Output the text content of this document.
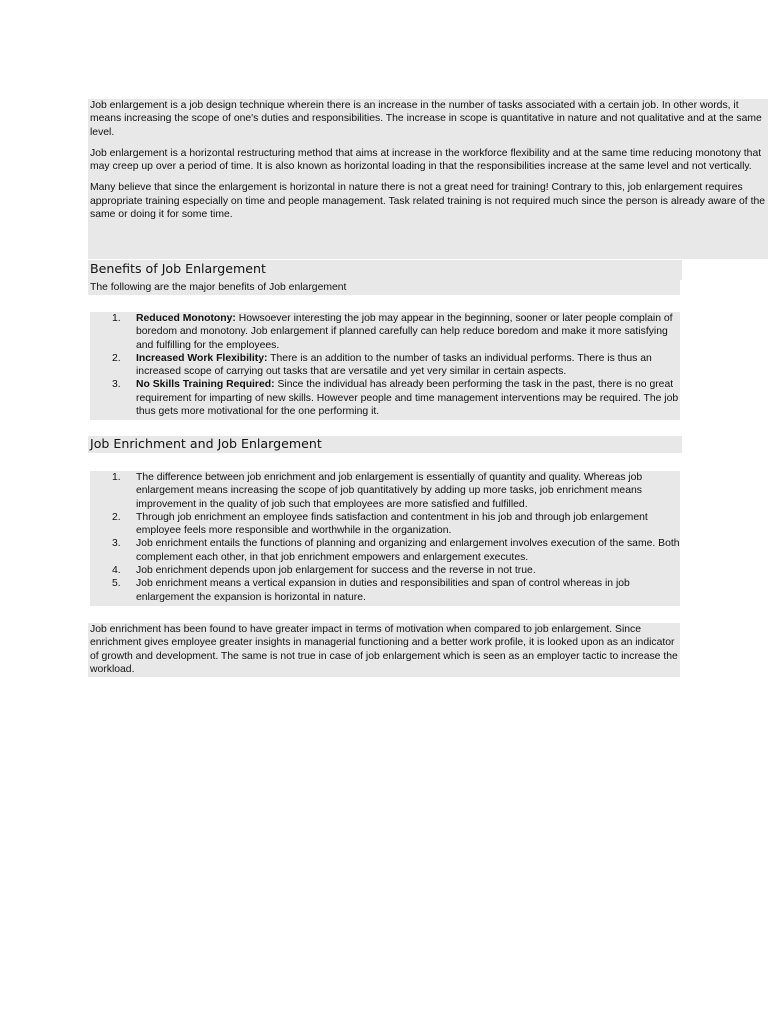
Job enlargement is a job design technique wherein there is an increase in the number of tasks associated with a certain job. In other words, it means increasing the scope of one's duties and responsibilities. The increase in scope is quantitative in nature and not qualitative and at the same level.

Job enlargement is a horizontal restructuring method that aims at increase in the workforce flexibility and at the same time reducing monotony that may creep up over a period of time. It is also known as horizontal loading in that the responsibilities increase at the same level and not vertically.

Many believe that since the enlargement is horizontal in nature there is not a great need for training! Contrary to this, job enlargement requires appropriate training especially on time and people management. Task related training is not required much since the person is already aware of the same or doing it for some time.

Benefits of Job Enlargement

The following are the major benefits of Job enlargement

1. Reduced Monotony: Howsoever interesting the job may appear in the beginning, sooner or later people complain of boredom and monotony. Job enlargement if planned carefully can help reduce boredom and make it more satisfying and fulfilling for the employees.
2. Increased Work Flexibility: There is an addition to the number of tasks an individual performs. There is thus an increased scope of carrying out tasks that are versatile and yet very similar in certain aspects.
3. No Skills Training Required: Since the individual has already been performing the task in the past, there is no great requirement for imparting of new skills. However people and time management interventions may be required. The job thus gets more motivational for the one performing it.
Job Enrichment and Job Enlargement
1. The difference between job enrichment and job enlargement is essentially of quantity and quality. Whereas job enlargement means increasing the scope of job quantitatively by adding up more tasks, job enrichment means improvement in the quality of job such that employees are more satisfied and fulfilled.
2. Through job enrichment an employee finds satisfaction and contentment in his job and through job enlargement employee feels more responsible and worthwhile in the organization.
3. Job enrichment entails the functions of planning and organizing and enlargement involves execution of the same. Both complement each other, in that job enrichment empowers and enlargement executes.
4. Job enrichment depends upon job enlargement for success and the reverse in not true.
5. Job enrichment means a vertical expansion in duties and responsibilities and span of control whereas in job enlargement the expansion is horizontal in nature.

Job enrichment has been found to have greater impact in terms of motivation when compared to job enlargement. Since enrichment gives employee greater insights in managerial functioning and a better work profile, it is looked upon as an indicator of growth and development. The same is not true in case of job enlargement which is seen as an employer tactic to increase the workload.
